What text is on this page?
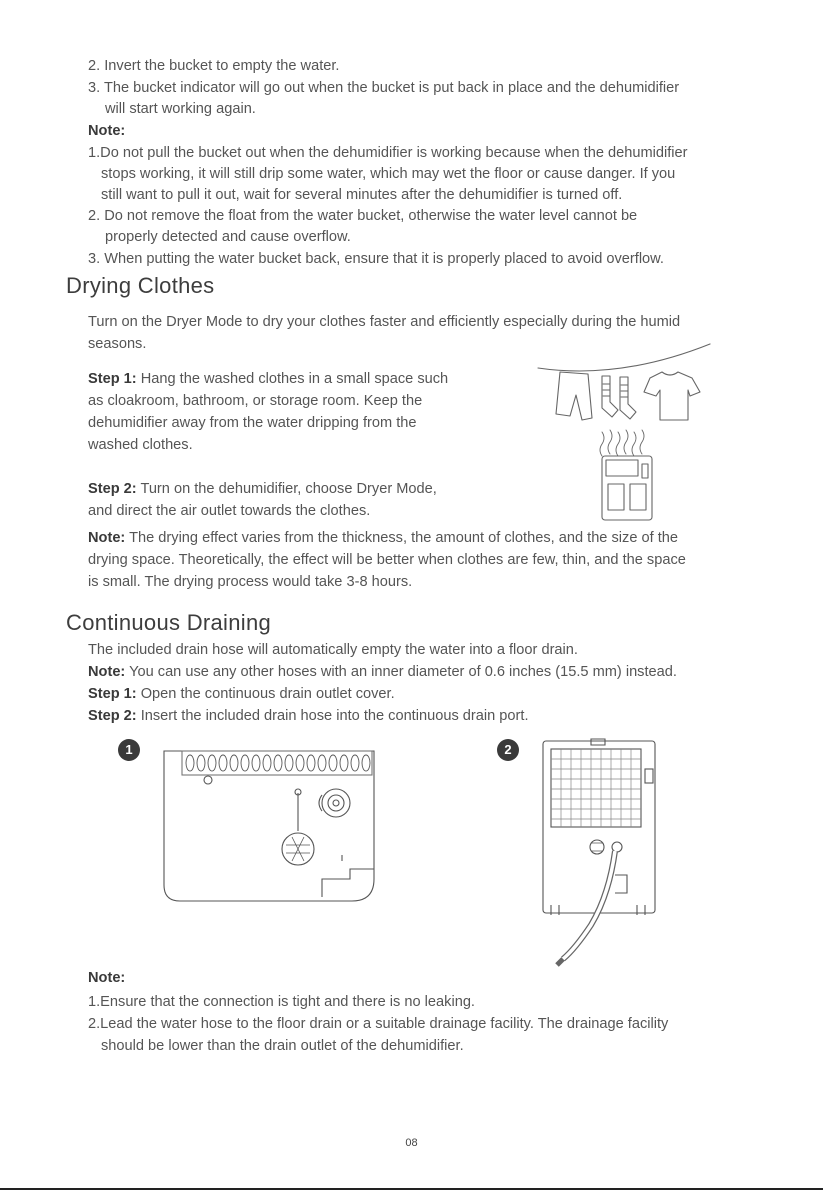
2. Invert the bucket to empty the water.
3. The bucket indicator will go out when the bucket is put back in place and the dehumidifier
will start working again.
Note:
1.Do not pull the bucket out when the dehumidifier is working because when the dehumidifier
stops working, it will still drip some water, which may wet the floor or cause danger. If you
still want to pull it out, wait for several minutes after the dehumidifier is turned off.
2. Do not remove the float from the water bucket, otherwise the water level cannot be
properly detected and cause overflow.
3. When putting the water bucket back, ensure that it is properly placed to avoid overflow.
Drying Clothes
Turn on the Dryer Mode to dry your clothes faster and efficiently especially during the humid
seasons.
Step 1: Hang the washed clothes in a small space such
as cloakroom, bathroom, or storage room. Keep the
dehumidifier away from the water dripping from the
washed clothes.
Step 2: Turn on the dehumidifier, choose Dryer Mode,
and direct the air outlet towards the clothes.
Note: The drying effect varies from the thickness, the amount of clothes, and the size of the
drying space. Theoretically, the effect will be better when clothes are few, thin, and the space
is small. The drying process would take 3-8 hours.
Continuous Draining
The included drain hose will automatically empty the water into a floor drain.
Note: You can use any other hoses with an inner diameter of 0.6 inches (15.5 mm) instead.
Step 1: Open the continuous drain outlet cover.
Step 2: Insert the included drain hose into the continuous drain port.
1	2
Note:
1.Ensure that the connection is tight and there is no leaking.
2.Lead the water hose to the floor drain or a suitable drainage facility. The drainage facility
should be lower than the drain outlet of the dehumidifier.
08
